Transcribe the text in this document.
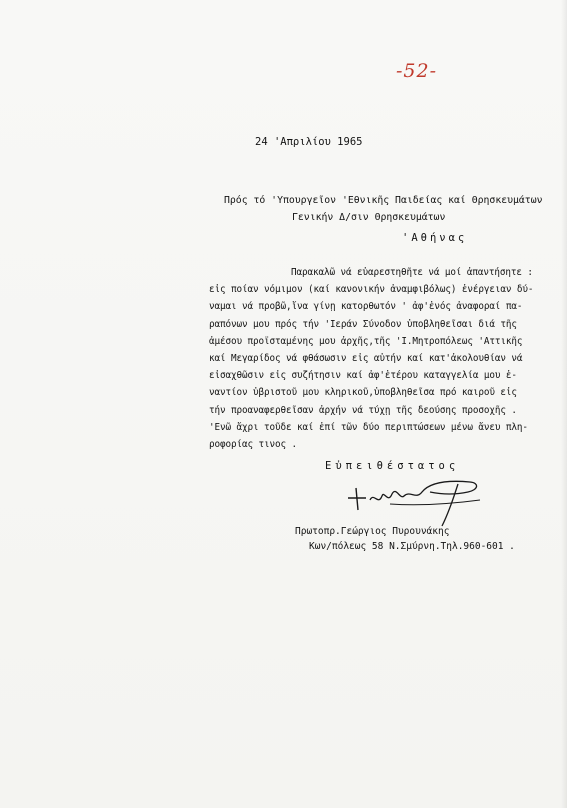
-52-
24 'Απριλίου 1965
Πρός τό 'Υπουργεῖον 'Εθνικῆς Παιδείας καί Θρησκευμάτων
Γενικήν Δ/σιν Θρησκευμάτων
'Αθήνας
Παρακαλῶ νά εὐαρεστηθῆτε νά μοί ἀπαντήσητε :
εἰς ποίαν νόμιμον (καί κανονικήν ἀναμφιβόλως) ἐνέργειαν δύ-
ναμαι νά προβῶ,ἵνα γίνῃ κατορθωτόν ' ἀφ'ἑνός ἀναφοραί πα-
ραπόνων μου πρός τήν 'Ιεράν Σύνοδον ὑποβληθεῖσαι διά τῆς
ἀμέσου προϊσταμένης μου ἀρχῆς,τῆς 'Ι.Μητροπόλεως 'Αττικῆς
καί Μεγαρίδος νά φθάσωσιν εἰς αὐτήν καί κατ'ἀκολουθίαν νά
εἰσαχθῶσιν εἰς συζήτησιν καί ἀφ'ἑτέρου καταγγελία μου ἐ-
ναντίον ὑβριστοῦ μου κληρικοῦ,ὑποβληθεῖσα πρό καιροῦ εἰς
τήν προαναφερθεῖσαν ἀρχήν νά τύχῃ τῆς δεούσης προσοχῆς .
'Ενῶ ἄχρι τοῦδε καί ἐπί τῶν δύο περιπτώσεων μένω ἄνευ πλη-
ροφορίας τινος .
Εὐπειθέστατος
Πρωτοπρ.Γεώργιος Πυρουνάκης
Κων/πόλεως 58 Ν.Σμύρνη.Τηλ.960-601 .
